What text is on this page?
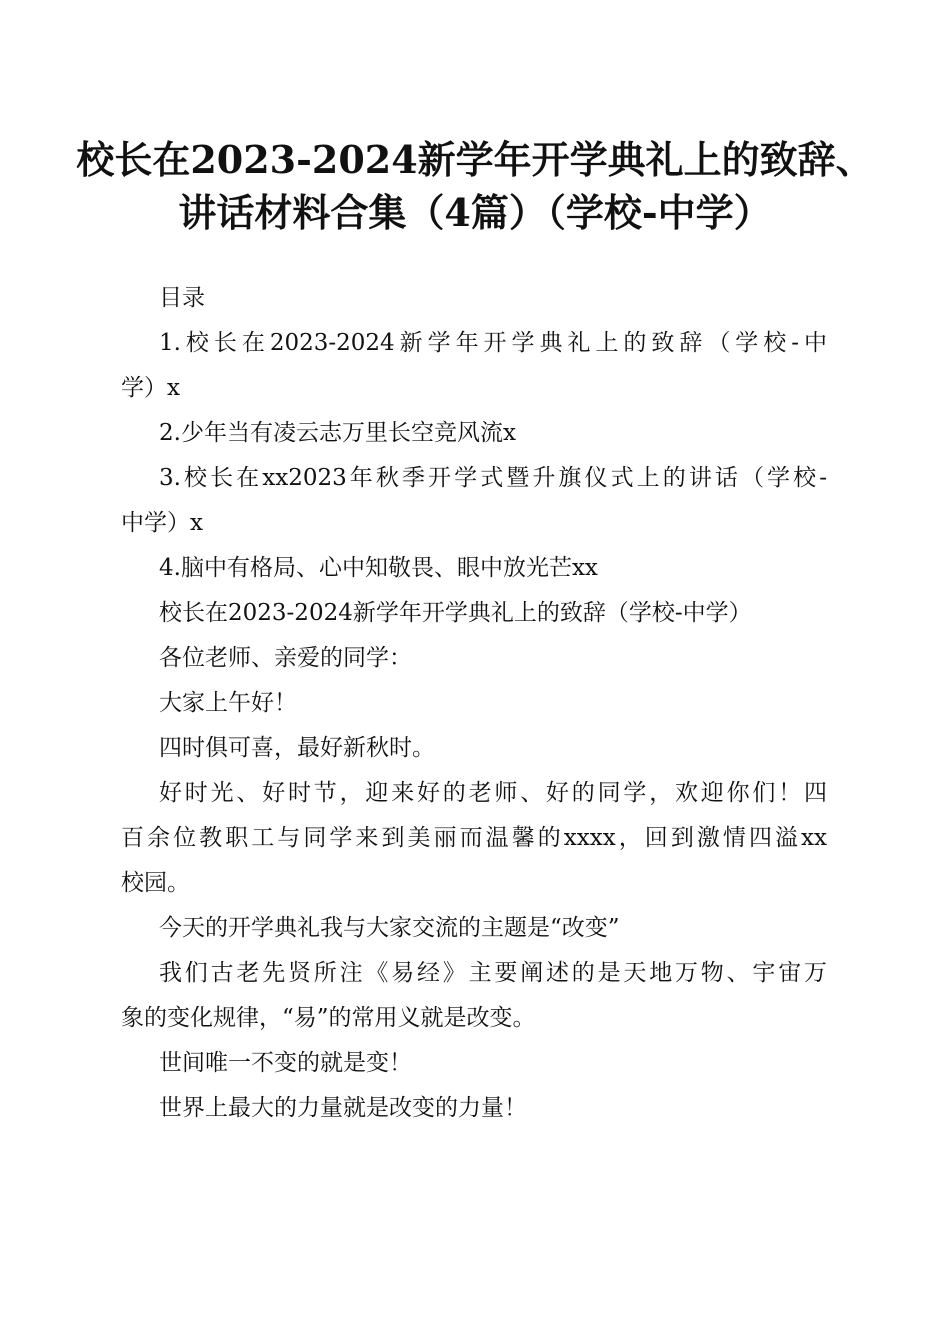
校长在2023-2024新学年开学典礼上的致辞、
讲话材料合集（4篇）（学校-中学）
目录
1.校长在2023-2024新学年开学典礼上的致辞（学校-中
学）x
2.少年当有凌云志万里长空竞风流x
3.校长在xx2023年秋季开学式暨升旗仪式上的讲话（学校-
中学）x
4.脑中有格局、心中知敬畏、眼中放光芒xx
校长在2023-2024新学年开学典礼上的致辞（学校-中学）
各位老师、亲爱的同学：
大家上午好！
四时俱可喜，最好新秋时。
好时光、好时节，迎来好的老师、好的同学，欢迎你们！四
百余位教职工与同学来到美丽而温馨的xxxx，回到激情四溢xx
校园。
今天的开学典礼我与大家交流的主题是“改变”
我们古老先贤所注《易经》主要阐述的是天地万物、宇宙万
象的变化规律，“易”的常用义就是改变。
世间唯一不变的就是变！
世界上最大的力量就是改变的力量！
